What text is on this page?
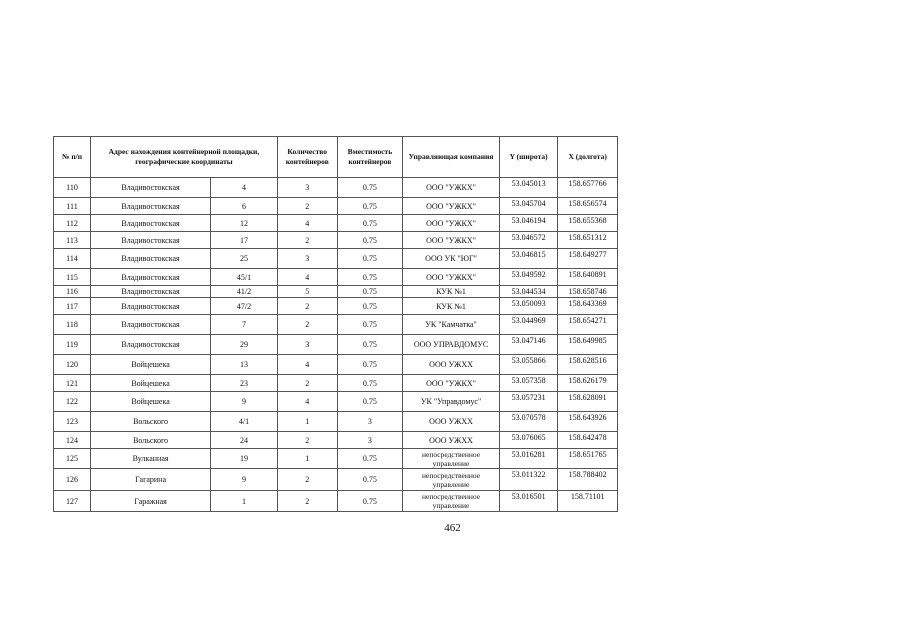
№ п/п	Адрес нахождения контейнерной площадки, географические координаты		Количество контейнеров	Вместимость контейнеров	Управляющая компания	Y (широта)	X (долгота)
110	Владивостокская	4	3	0.75	ООО "УЖКХ"	53.045013	158.657766
111	Владивостокская	6	2	0.75	ООО "УЖКХ"	53.045704	158.656574
112	Владивостокская	12	4	0.75	ООО "УЖКХ"	53.046194	158.655368
113	Владивостокская	17	2	0.75	ООО "УЖКХ"	53.046572	158.651312
114	Владивостокская	25	3	0.75	ООО УК "ЮГ"	53.046815	158.649277
115	Владивостокская	45/1	4	0.75	ООО "УЖКХ"	53.049592	158.640891
116	Владивостокская	41/2	5	0.75	КУК №1	53.044534	158.658746
117	Владивостокская	47/2	2	0.75	КУК №1	53.050093	158.643369
118	Владивостокская	7	2	0.75	УК "Камчатка"	53.044969	158.654271
119	Владивостокская	29	3	0.75	ООО УПРАВДОМУС	53.047146	158.649985
120	Войцешека	13	4	0.75	ООО УЖХХ	53.055866	158.628516
121	Войцешека	23	2	0.75	ООО "УЖКХ"	53.057358	158.626179
122	Войцешека	9	4	0.75	УК "Управдомус"	53.057231	158.628091
123	Вольского	4/1	1	3	ООО УЖХХ	53.070578	158.643926
124	Вольского	24	2	3	ООО УЖХХ	53.076065	158.642478
125	Вулканная	19	1	0.75	непосредственное управление	53.016281	158.651765
126	Гагарина	9	2	0.75	непосредственное управление	53.011322	158.788402
127	Гаражная	1	2	0.75	непосредственное управление	53.016501	158.71101
462
